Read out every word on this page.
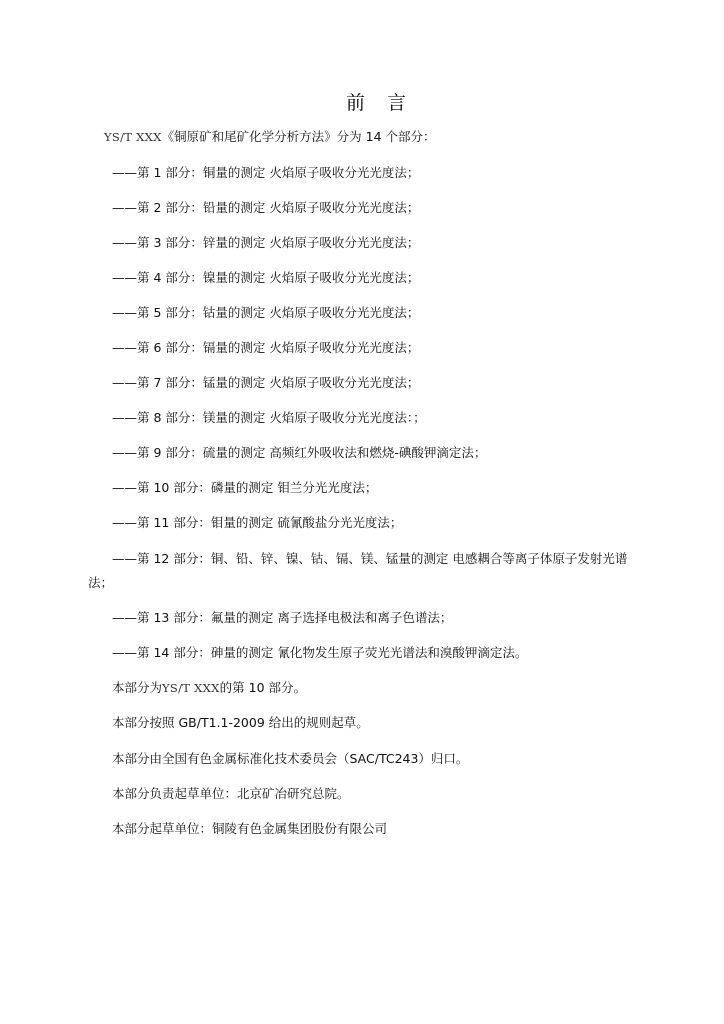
前 言
YS/T XXX《铜原矿和尾矿化学分析方法》分为 14 个部分：
——第 1 部分：铜量的测定 火焰原子吸收分光光度法；
——第 2 部分：铅量的测定 火焰原子吸收分光光度法；
——第 3 部分：锌量的测定 火焰原子吸收分光光度法；
——第 4 部分：镍量的测定 火焰原子吸收分光光度法；
——第 5 部分：钴量的测定 火焰原子吸收分光光度法；
——第 6 部分：镉量的测定 火焰原子吸收分光光度法；
——第 7 部分：锰量的测定 火焰原子吸收分光光度法；
——第 8 部分：镁量的测定 火焰原子吸收分光光度法：；
——第 9 部分：硫量的测定 高频红外吸收法和燃烧-碘酸钾滴定法；
——第 10 部分：磷量的测定 钼兰分光光度法；
——第 11 部分：钼量的测定 硫氰酸盐分光光度法；
——第 12 部分：铜、铅、锌、镍、钴、镉、镁、锰量的测定 电感耦合等离子体原子发射光谱
法；
——第 13 部分：氟量的测定 离子选择电极法和离子色谱法；
——第 14 部分：砷量的测定 氰化物发生原子荧光光谱法和溴酸钾滴定法。
本部分为YS/T XXX的第 10 部分。
本部分按照 GB/T1.1-2009 给出的规则起草。
本部分由全国有色金属标准化技术委员会（SAC/TC243）归口。
本部分负责起草单位：北京矿冶研究总院。
本部分起草单位：铜陵有色金属集团股份有限公司
